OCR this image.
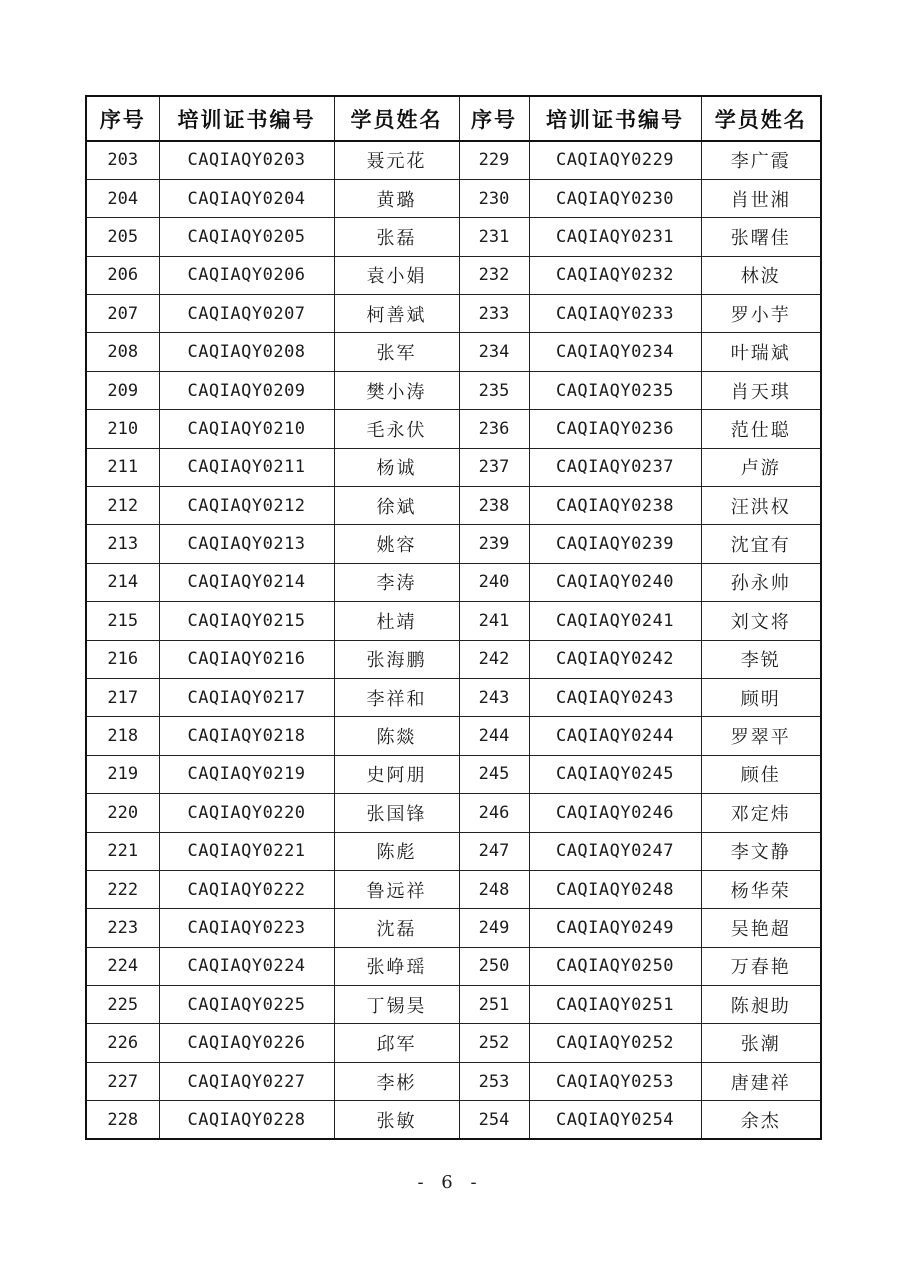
序号	培训证书编号	学员姓名	序号	培训证书编号	学员姓名
203	CAQIAQY0203	聂元花	229	CAQIAQY0229	李广霞
204	CAQIAQY0204	黄璐	230	CAQIAQY0230	肖世湘
205	CAQIAQY0205	张磊	231	CAQIAQY0231	张曙佳
206	CAQIAQY0206	袁小娟	232	CAQIAQY0232	林波
207	CAQIAQY0207	柯善斌	233	CAQIAQY0233	罗小芋
208	CAQIAQY0208	张军	234	CAQIAQY0234	叶瑞斌
209	CAQIAQY0209	樊小涛	235	CAQIAQY0235	肖天琪
210	CAQIAQY0210	毛永伏	236	CAQIAQY0236	范仕聪
211	CAQIAQY0211	杨诚	237	CAQIAQY0237	卢游
212	CAQIAQY0212	徐斌	238	CAQIAQY0238	汪洪权
213	CAQIAQY0213	姚容	239	CAQIAQY0239	沈宜有
214	CAQIAQY0214	李涛	240	CAQIAQY0240	孙永帅
215	CAQIAQY0215	杜靖	241	CAQIAQY0241	刘文将
216	CAQIAQY0216	张海鹏	242	CAQIAQY0242	李锐
217	CAQIAQY0217	李祥和	243	CAQIAQY0243	顾明
218	CAQIAQY0218	陈燚	244	CAQIAQY0244	罗翠平
219	CAQIAQY0219	史阿朋	245	CAQIAQY0245	顾佳
220	CAQIAQY0220	张国锋	246	CAQIAQY0246	邓定炜
221	CAQIAQY0221	陈彪	247	CAQIAQY0247	李文静
222	CAQIAQY0222	鲁远祥	248	CAQIAQY0248	杨华荣
223	CAQIAQY0223	沈磊	249	CAQIAQY0249	吴艳超
224	CAQIAQY0224	张峥瑶	250	CAQIAQY0250	万春艳
225	CAQIAQY0225	丁锡昊	251	CAQIAQY0251	陈昶助
226	CAQIAQY0226	邱军	252	CAQIAQY0252	张潮
227	CAQIAQY0227	李彬	253	CAQIAQY0253	唐建祥
228	CAQIAQY0228	张敏	254	CAQIAQY0254	余杰
- 6 -
